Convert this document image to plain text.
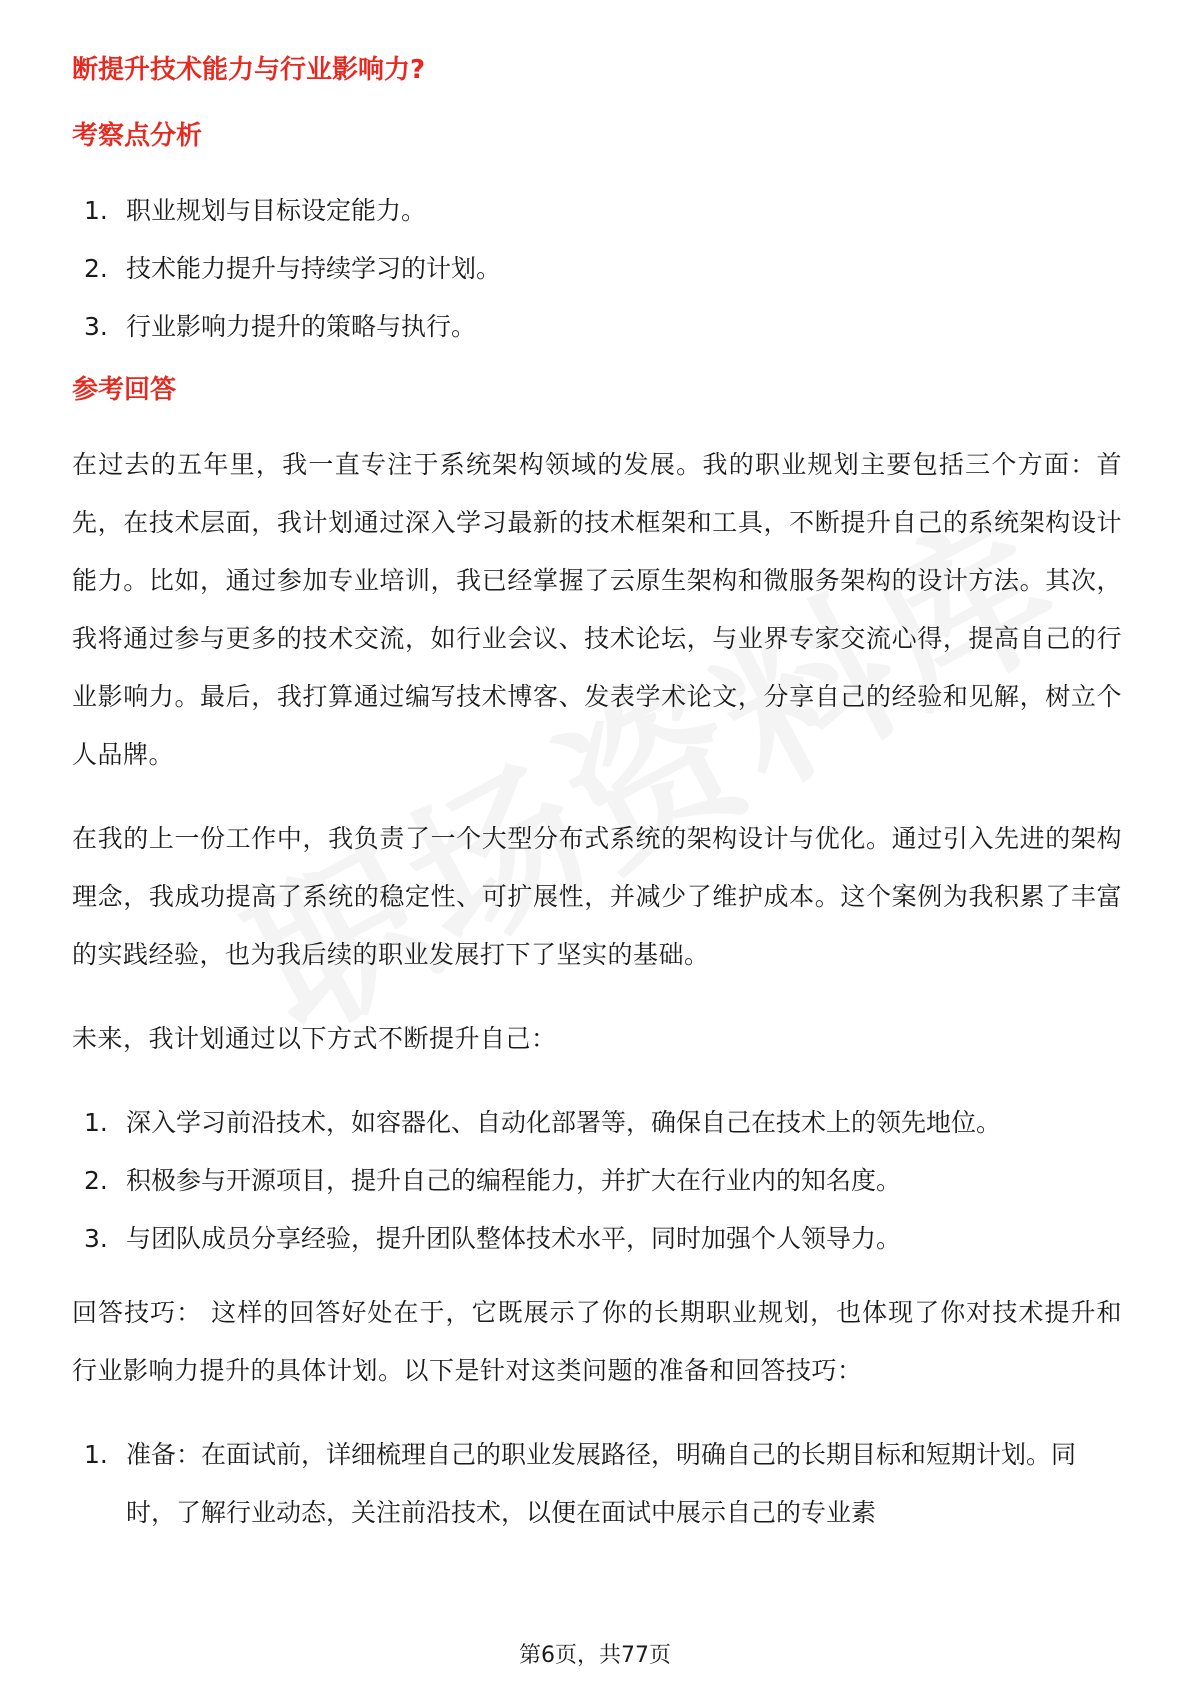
断提升技术能力与行业影响力?
考察点分析
1. 职业规划与目标设定能力。
2. 技术能力提升与持续学习的计划。
3. 行业影响力提升的策略与执行。
参考回答

在过去的五年里，我一直专注于系统架构领域的发展。我的职业规划主要包括三个方面：首先，在技术层面，我计划通过深入学习最新的技术框架和工具，不断提升自己的系统架构设计能力。比如，通过参加专业培训，我已经掌握了云原生架构和微服务架构的设计方法。其次，我将通过参与更多的技术交流，如行业会议、技术论坛，与业界专家交流心得，提高自己的行业影响力。最后，我打算通过编写技术博客、发表学术论文，分享自己的经验和见解，树立个人品牌。

在我的上一份工作中，我负责了一个大型分布式系统的架构设计与优化。通过引入先进的架构理念，我成功提高了系统的稳定性、可扩展性，并减少了维护成本。这个案例为我积累了丰富的实践经验，也为我后续的职业发展打下了坚实的基础。

未来，我计划通过以下方式不断提升自己：

1. 深入学习前沿技术，如容器化、自动化部署等，确保自己在技术上的领先地位。
2. 积极参与开源项目，提升自己的编程能力，并扩大在行业内的知名度。
3. 与团队成员分享经验，提升团队整体技术水平，同时加强个人领导力。

回答技巧： 这样的回答好处在于，它既展示了你的长期职业规划，也体现了你对技术提升和行业影响力提升的具体计划。以下是针对这类问题的准备和回答技巧：

1. 准备：在面试前，详细梳理自己的职业发展路径，明确自己的长期目标和短期计划。同时，了解行业动态，关注前沿技术，以便在面试中展示自己的专业素
第6页，共77页
